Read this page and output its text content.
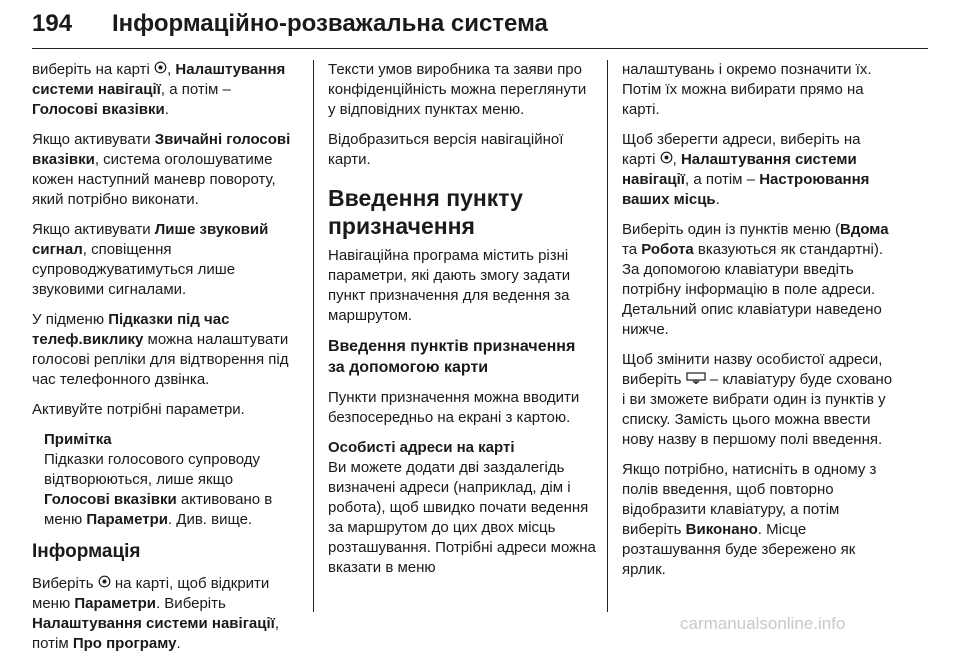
194 Інформаційно-розважальна система

виберіть на карті , Налаштування системи навігації, а потім – Голосові вказівки.

Якщо активувати Звичайні голосові вказівки, система оголошуватиме кожен наступний маневр повороту, який потрібно виконати.

Якщо активувати Лише звуковий сигнал, сповіщення супроводжуватимуться лише звуковими сигналами.

У підменю Підказки під час телеф.виклику можна налаштувати голосові репліки для відтворення під час телефонного дзвінка.

Активуйте потрібні параметри.

Примітка
Підказки голосового супроводу відтворюються, лише якщо Голосові вказівки активовано в меню Параметри. Див. вище.
Інформація

Виберіть  на карті, щоб відкрити меню Параметри. Виберіть Налаштування системи навігації, потім Про програму.

Тексти умов виробника та заяви про конфіденційність можна переглянути у відповідних пунктах меню.

Відобразиться версія навігаційної карти.

Введення пункту призначення

Навігаційна програма містить різні параметри, які дають змогу задати пункт призначення для ведення за маршрутом.

Введення пунктів призначення за допомогою карти

Пункти призначення можна вводити безпосередньо на екрані з картою.

Особисті адреси на карті

Ви можете додати дві заздалегідь визначені адреси (наприклад, дім і робота), щоб швидко почати ведення за маршрутом до цих двох місць розташування. Потрібні адреси можна вказати в меню

налаштувань і окремо позначити їх. Потім їх можна вибирати прямо на карті.

Щоб зберегти адреси, виберіть на карті , Налаштування системи навігації, а потім – Настроювання ваших місць.

Виберіть один із пунктів меню (Вдома та Робота вказуються як стандартні). За допомогою клавіатури введіть потрібну інформацію в поле адреси. Детальний опис клавіатури наведено нижче.

Щоб змінити назву особистої адреси, виберіть  – клавіатуру буде сховано і ви зможете вибрати один із пунктів у списку. Замість цього можна ввести нову назву в першому полі введення.

Якщо потрібно, натисніть в одному з полів введення, щоб повторно відобразити клавіатуру, а потім виберіть Виконано. Місце розташування буде збережено як ярлик.

carmanualsonline.info
